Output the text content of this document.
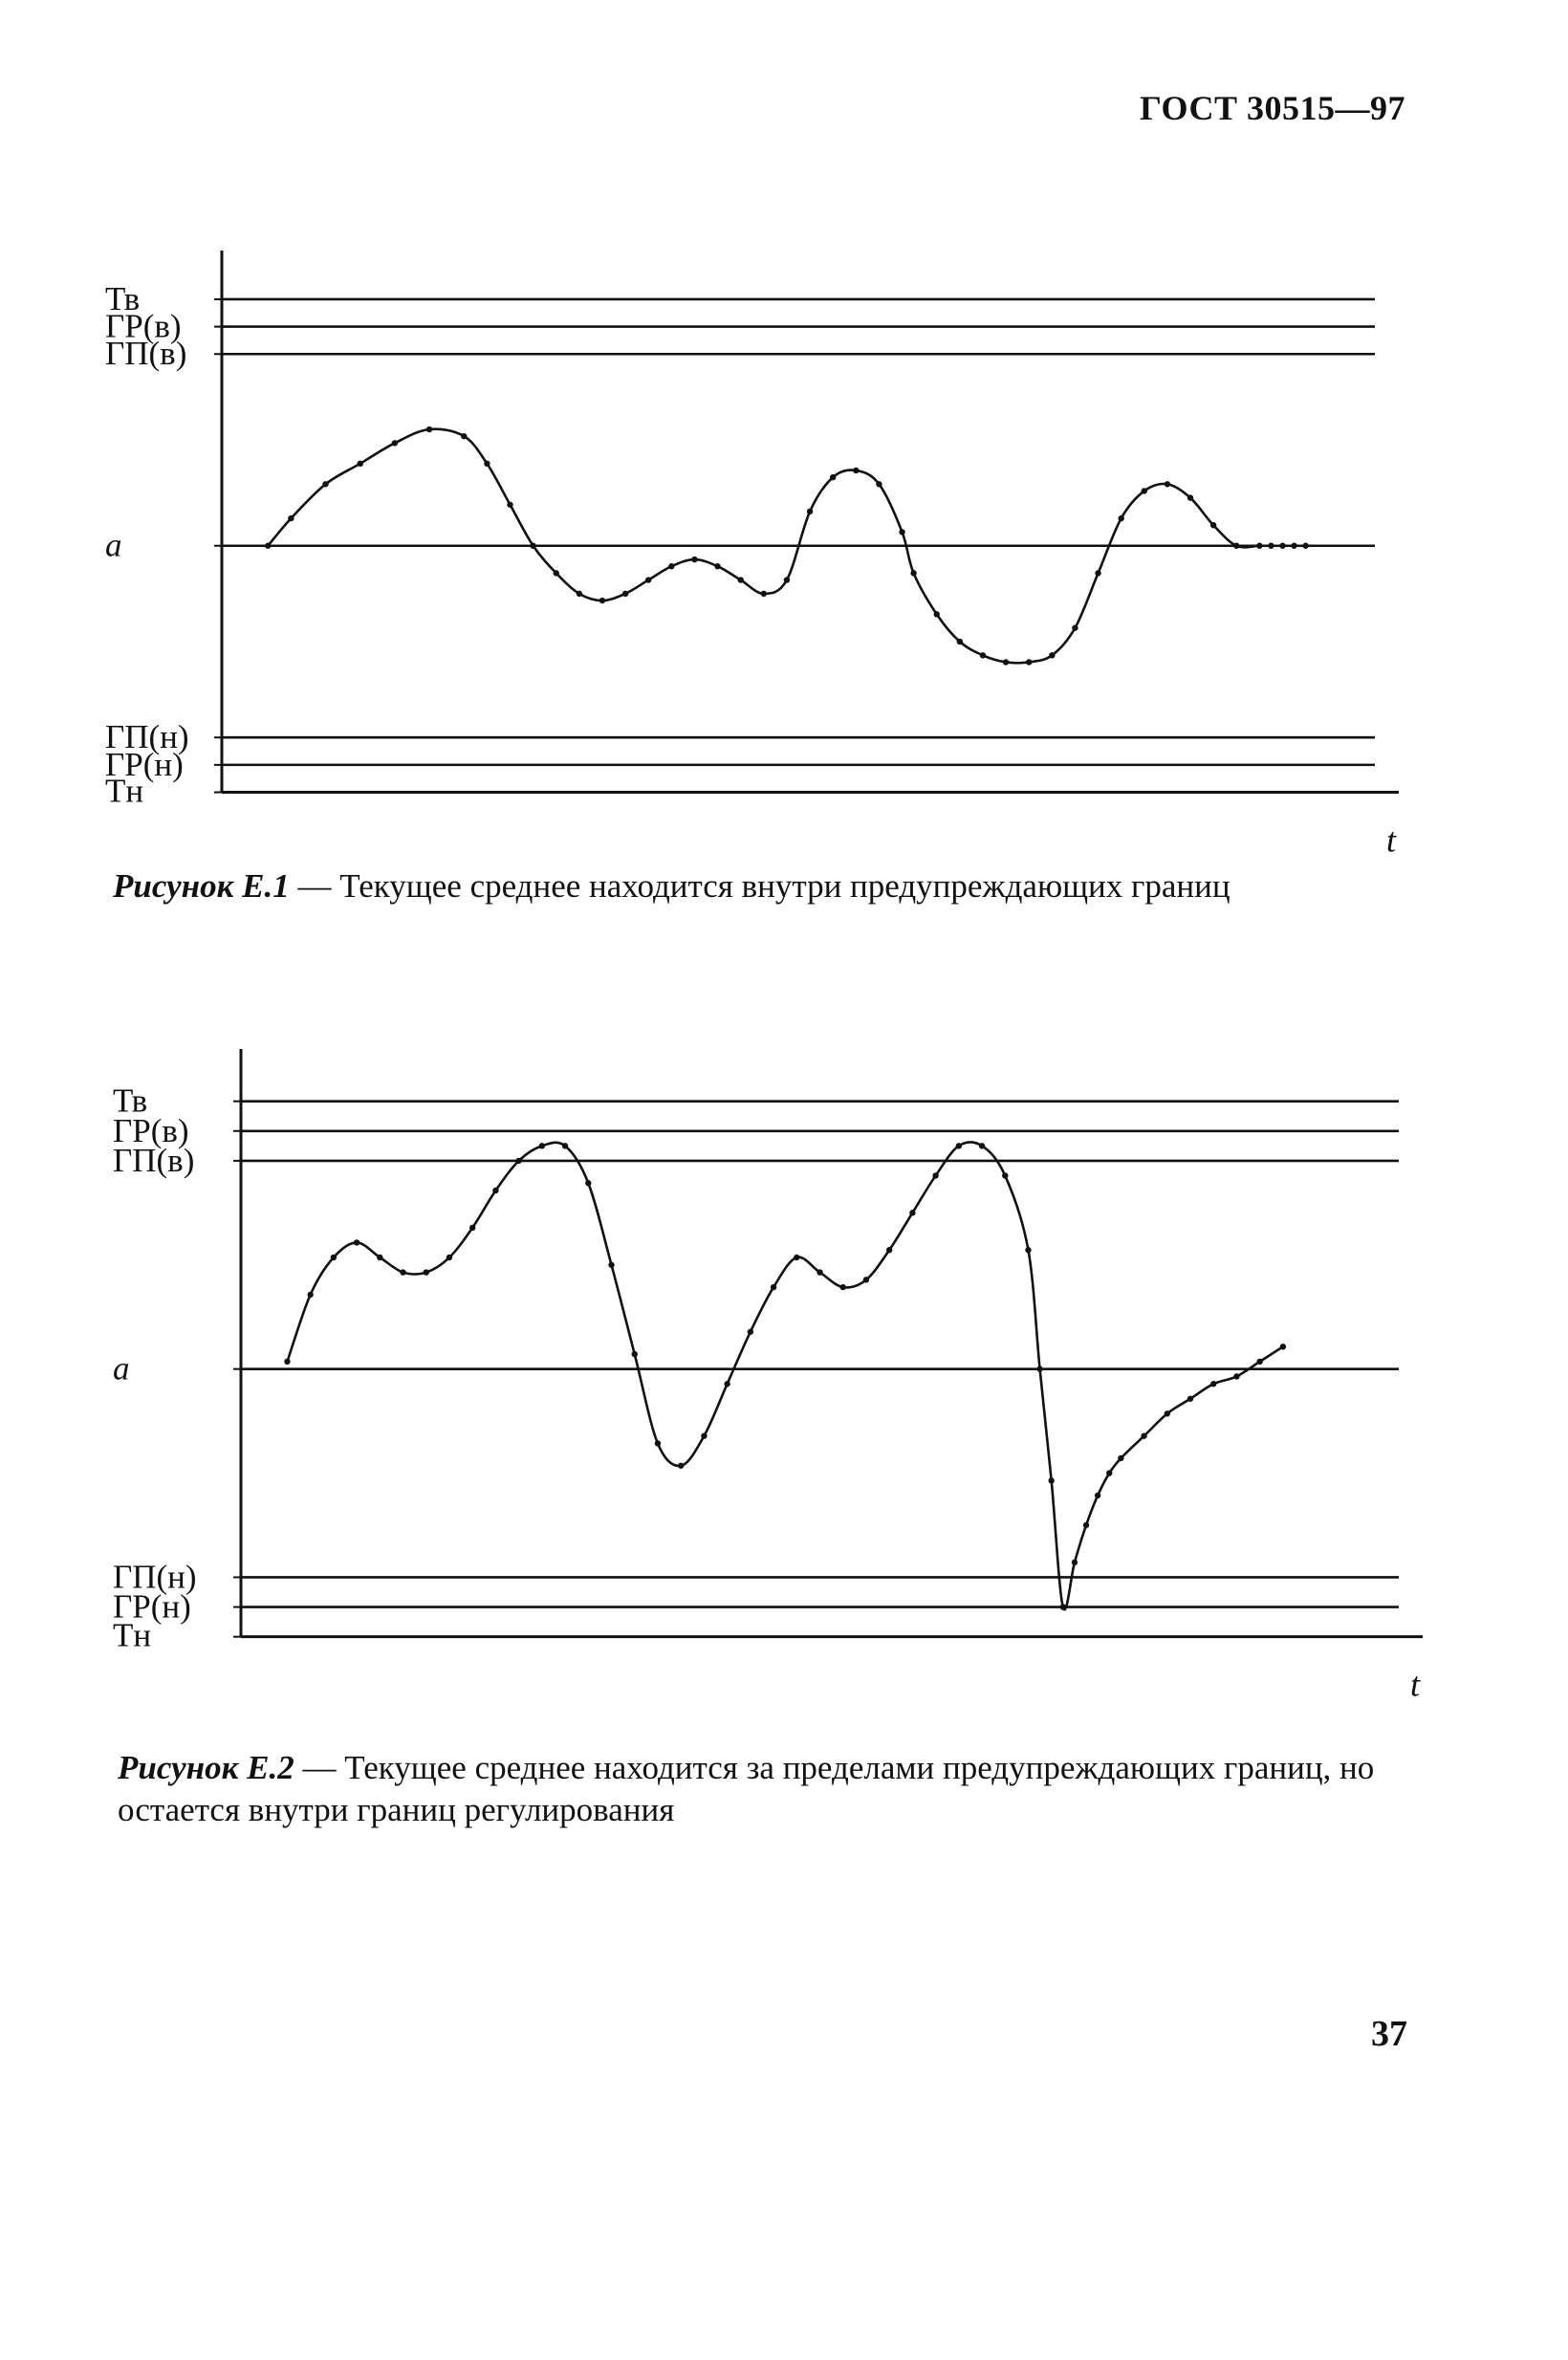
ГОСТ 30515—97
Тв
ГР(в)
ГП(в)
a
ГП(н)
ГР(н)
Тн
t
Рисунок Е.1 — Текущее среднее находится внутри предупреждающих границ
Тв
ГР(в)
ГП(в)
a
ГП(н)
ГР(н)
Тн
t
Рисунок Е.2 — Текущее среднее находится за пределами предупреждающих границ, но остается внутри границ регулирования
37
